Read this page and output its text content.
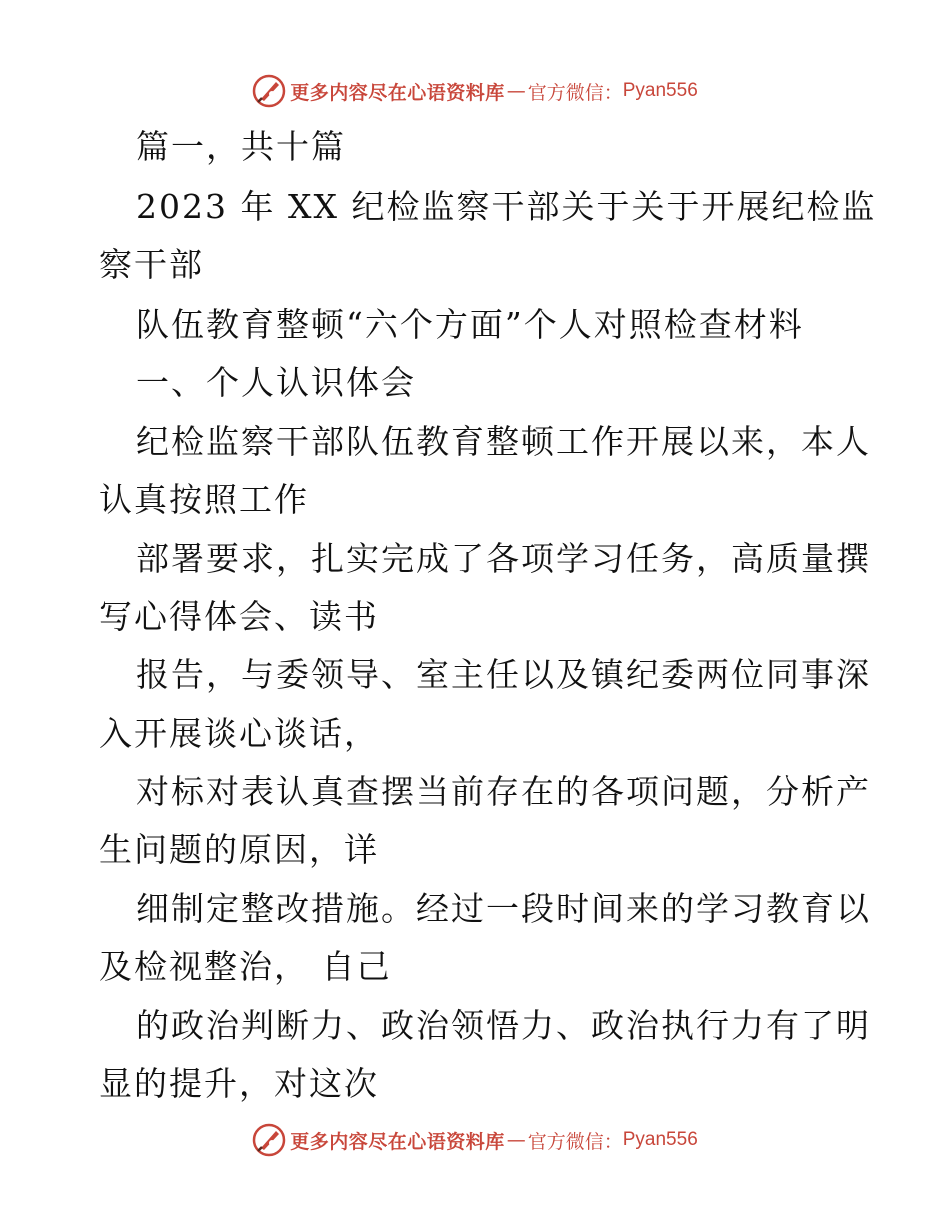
更多内容尽在心语资料库 — 官方微信： Pyan556
篇一，共十篇
2023 年 XX 纪检监察干部关于关于开展纪检监
察干部
队伍教育整顿“六个方面”个人对照检查材料
一、个人认识体会
纪检监察干部队伍教育整顿工作开展以来，本人
认真按照工作
部署要求，扎实完成了各项学习任务，高质量撰
写心得体会、读书
报告，与委领导、室主任以及镇纪委两位同事深
入开展谈心谈话，
对标对表认真查摆当前存在的各项问题，分析产
生问题的原因，详
细制定整改措施。经过一段时间来的学习教育以
及检视整治， 自己
的政治判断力、政治领悟力、政治执行力有了明
显的提升，对这次
更多内容尽在心语资料库 — 官方微信： Pyan556
